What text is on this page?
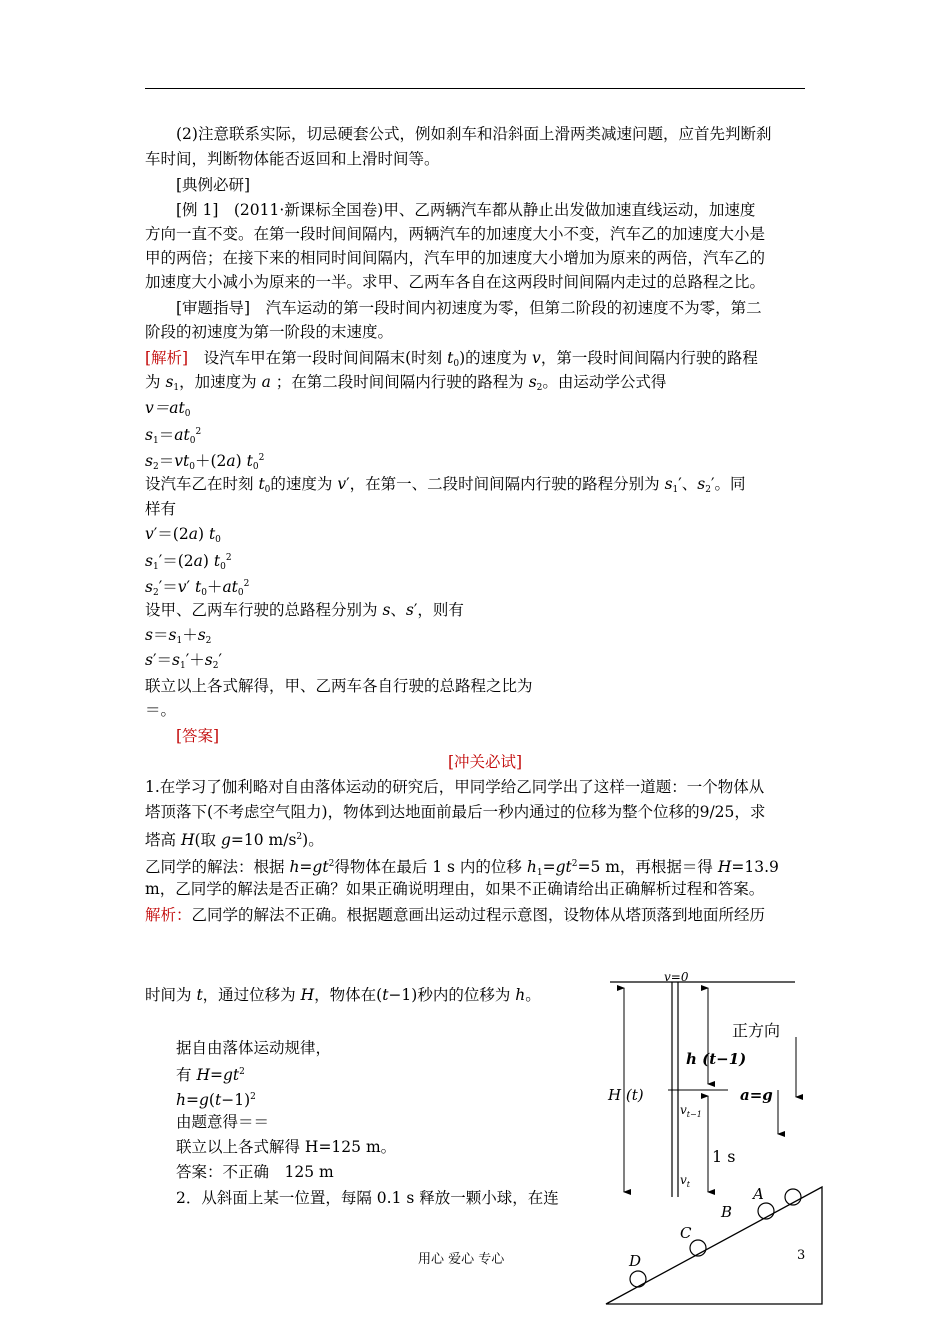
(2)注意联系实际，切忌硬套公式，例如刹车和沿斜面上滑两类减速问题，应首先判断刹
车时间，判断物体能否返回和上滑时间等。
[典例必研]
[例 1]　(2011·新课标全国卷)甲、乙两辆汽车都从静止出发做加速直线运动，加速度
方向一直不变。在第一段时间间隔内，两辆汽车的加速度大小不变，汽车乙的加速度大小是
甲的两倍；在接下来的相同时间间隔内，汽车甲的加速度大小增加为原来的两倍，汽车乙的
加速度大小减小为原来的一半。求甲、乙两车各自在这两段时间间隔内走过的总路程之比。
[审题指导]　汽车运动的第一段时间内初速度为零，但第二阶段的初速度不为零，第二
阶段的初速度为第一阶段的末速度。
[解析]　设汽车甲在第一段时间间隔末(时刻 $t_0$)的速度为 v，第一段时间间隔内行驶的路程
为 $s_1$，加速度为 a ；在第二段时间间隔内行驶的路程为 $s_2$。由运动学公式得
$v=at_0$
$s_1=at_0^2$
$s_2=vt_0+(2a)$ $t_0^2$
设汽车乙在时刻 $t_0$的速度为 v′，在第一、二段时间间隔内行驶的路程分别为 $s_1'$、$s_2'$。同
样有
v′＝(2a) $t_0$
$s_1'=(2a)$ $t_0^2$
$s_2'=v'$ $t_0+at_0^2$
设甲、乙两车行驶的总路程分别为 s、s′，则有
$s=s_1+s_2$
$s'=s_1'+s_2'$
联立以上各式解得，甲、乙两车各自行驶的总路程之比为
＝。
[答案]
[冲关必试]
1.在学习了伽利略对自由落体运动的研究后，甲同学给乙同学出了这样一道题：一个物体从
塔顶落下(不考虑空气阻力)，物体到达地面前最后一秒内通过的位移为整个位移的9/25，求
塔高 H(取 g=10 $m/s^2$)。
乙同学的解法：根据 $h=gt^2$得物体在最后 1 s 内的位移 $h_1=gt^2=5$ m，再根据＝得 H=13.9
m，乙同学的解法是否正确？如果正确说明理由，如果不正确请给出正确解析过程和答案。
解析：乙同学的解法不正确。根据题意画出运动过程示意图，设物体从塔顶落到地面所经历
时间为 t，通过位移为 H，物体在(t−1)秒内的位移为 h。
据自由落体运动规律，
有 $H=gt^2$
$h=g(t-1)^2$
由题意得＝＝
联立以上各式解得 H=125 m。
答案：不正确　125 m
2．从斜面上某一位置，每隔 0.1 s 释放一颗小球，在连
v=0
正方向
h (t−1)
H (t)	a=g
$v_{t-1}$
1 s
$v_t$
A
B
C
D
用心 爱心 专心	3
